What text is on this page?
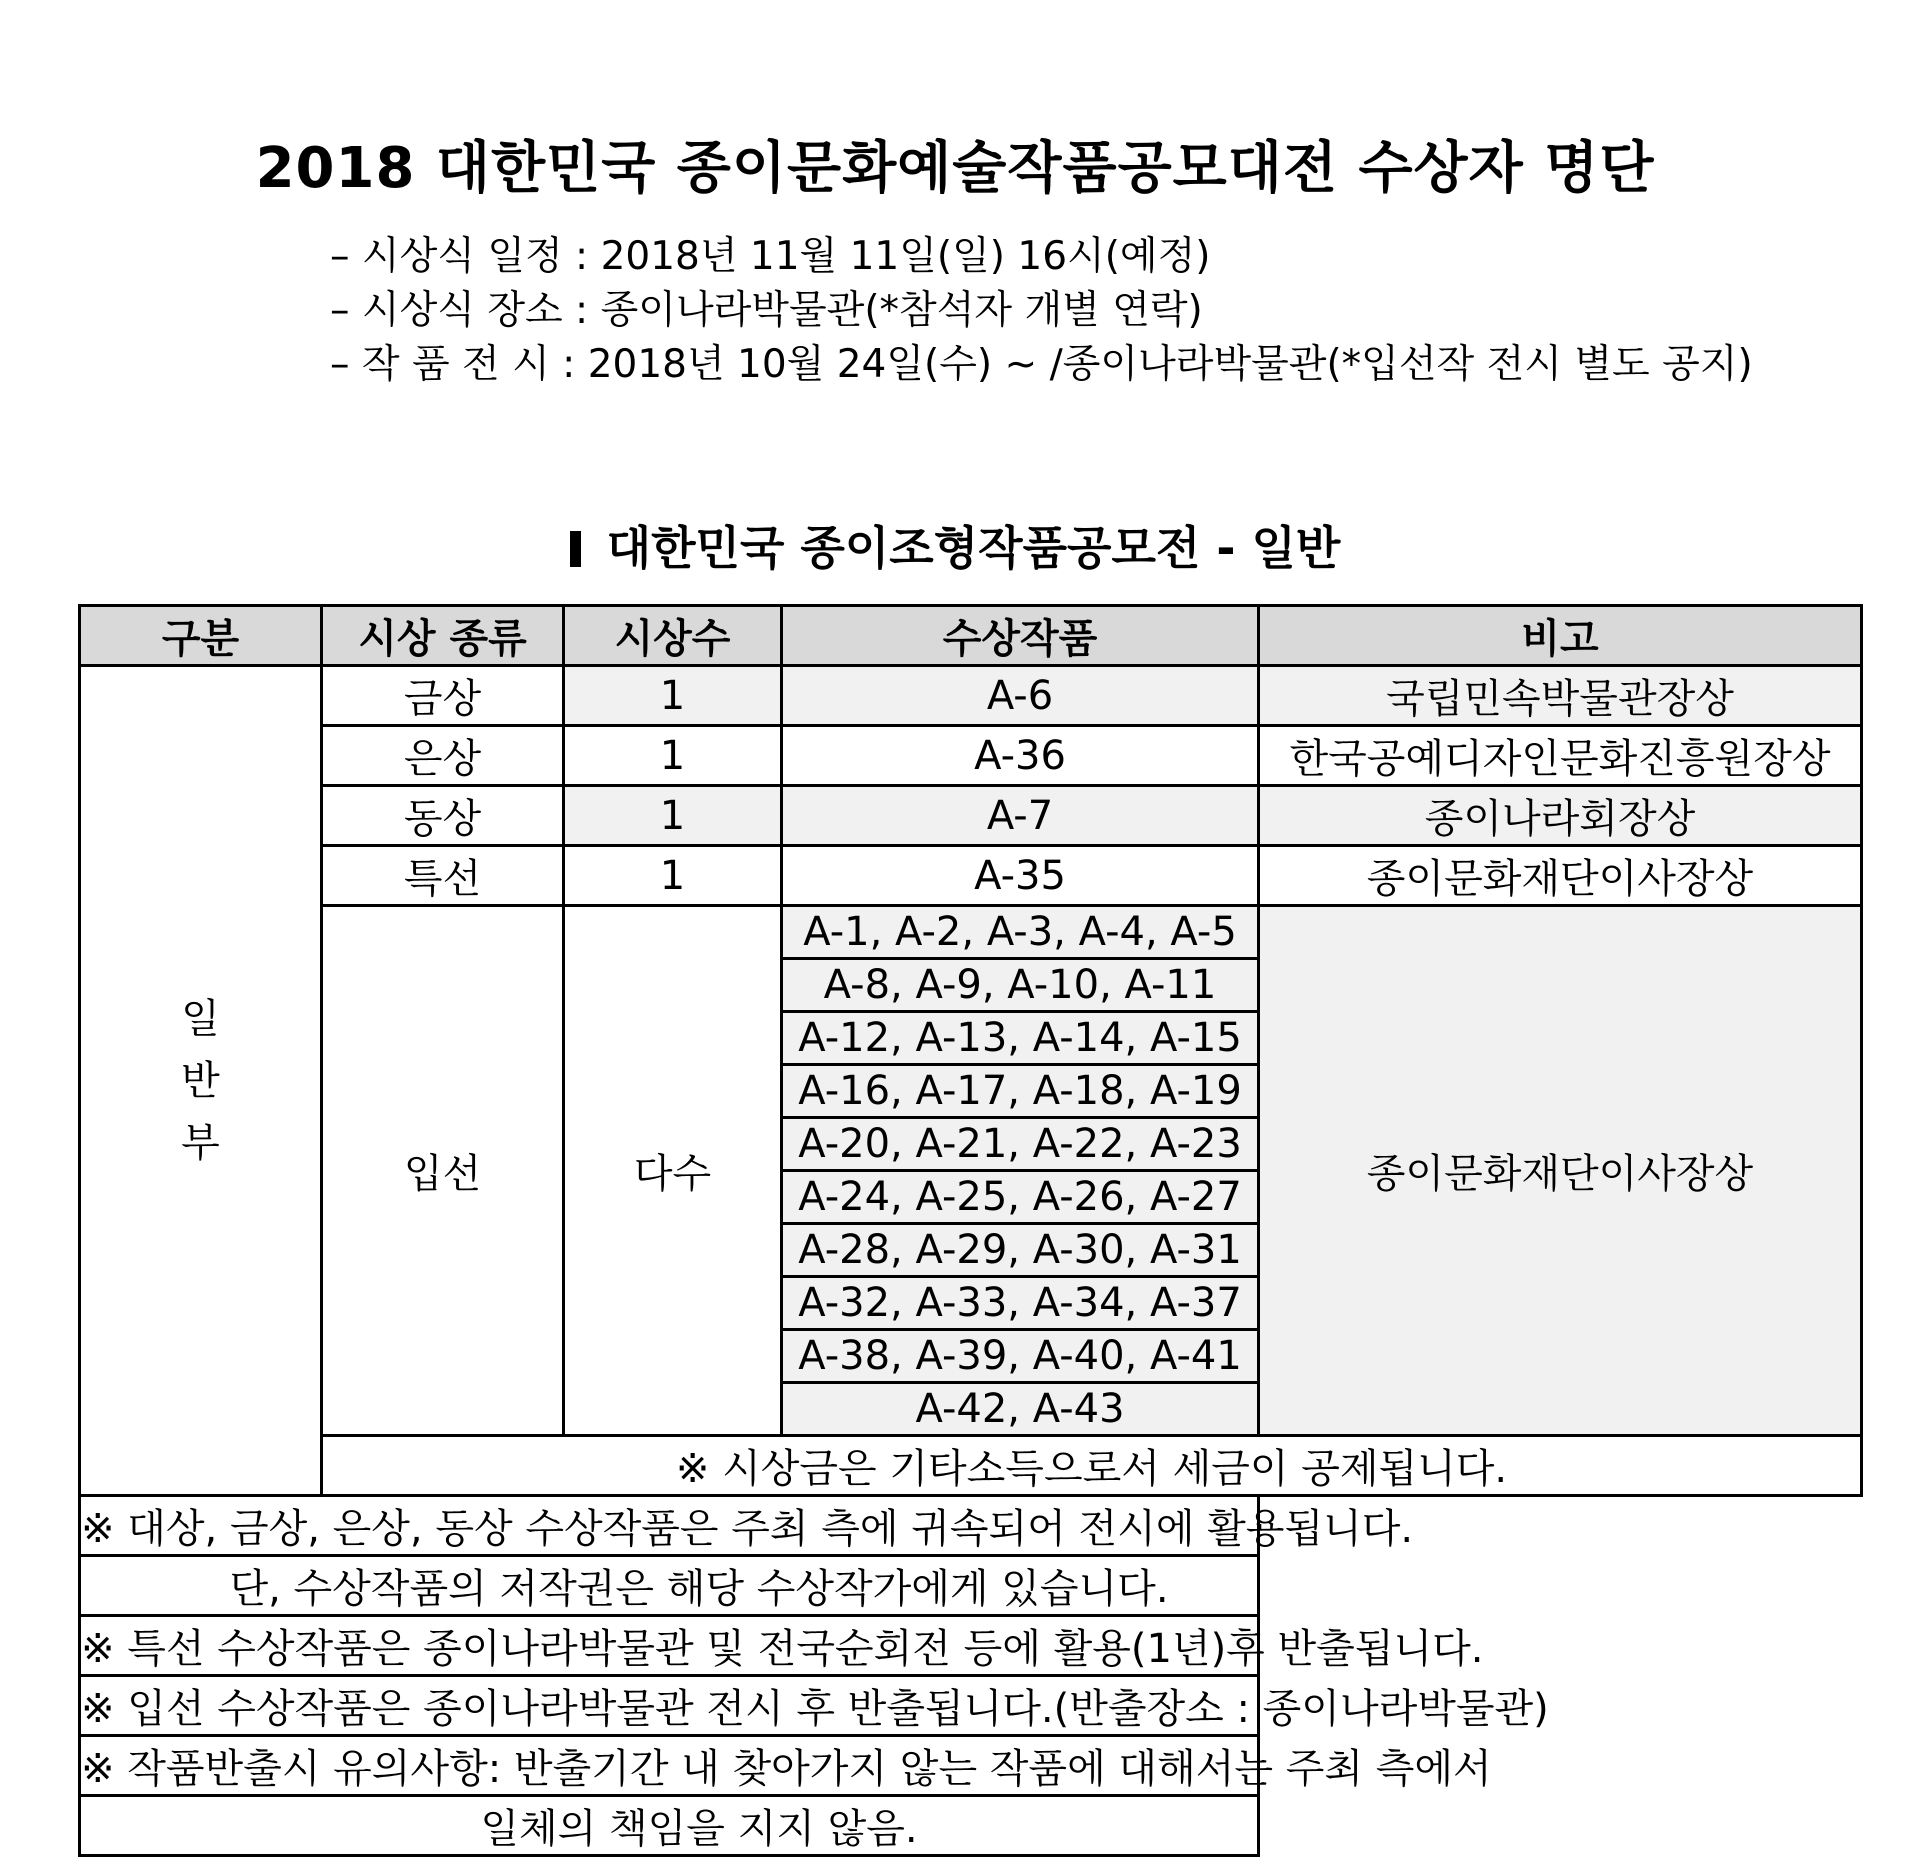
2018 대한민국 종이문화예술작품공모대전 수상자 명단
– 시상식 일정 : 2018년 11월 11일(일) 16시(예정)
– 시상식 장소 : 종이나라박물관(*참석자 개별 연락)
– 작 품 전 시 : 2018년 10월 24일(수) ~ /종이나라박물관(*입선작 전시 별도 공지)
대한민국 종이조형작품공모전 - 일반
구분	시상 종류	시상수	수상작품	비고
일
반
부	금상	1	A-6	국립민속박물관장상
	은상	1	A-36	한국공예디자인문화진흥원장상
	동상	1	A-7	종이나라회장상
	특선	1	A-35	종이문화재단이사장상
	입선	다수	A-1, A-2, A-3, A-4, A-5	종이문화재단이사장상
			A-8, A-9, A-10, A-11	
			A-12, A-13, A-14, A-15	
			A-16, A-17, A-18, A-19	
			A-20, A-21, A-22, A-23	
			A-24, A-25, A-26, A-27	
			A-28, A-29, A-30, A-31	
			A-32, A-33, A-34, A-37	
			A-38, A-39, A-40, A-41	
			A-42, A-43	
	※ 시상금은 기타소득으로서 세금이 공제됩니다.			
※ 대상, 금상, 은상, 동상 수상작품은 주최 측에 귀속되어 전시에 활용됩니다.				
단, 수상작품의 저작권은 해당 수상작가에게 있습니다.				
※ 특선 수상작품은 종이나라박물관 및 전국순회전 등에 활용(1년)후 반출됩니다.				
※ 입선 수상작품은 종이나라박물관 전시 후 반출됩니다.(반출장소 : 종이나라박물관)				
※ 작품반출시 유의사항: 반출기간 내 찾아가지 않는 작품에 대해서는 주최 측에서				
일체의 책임을 지지 않음.				
